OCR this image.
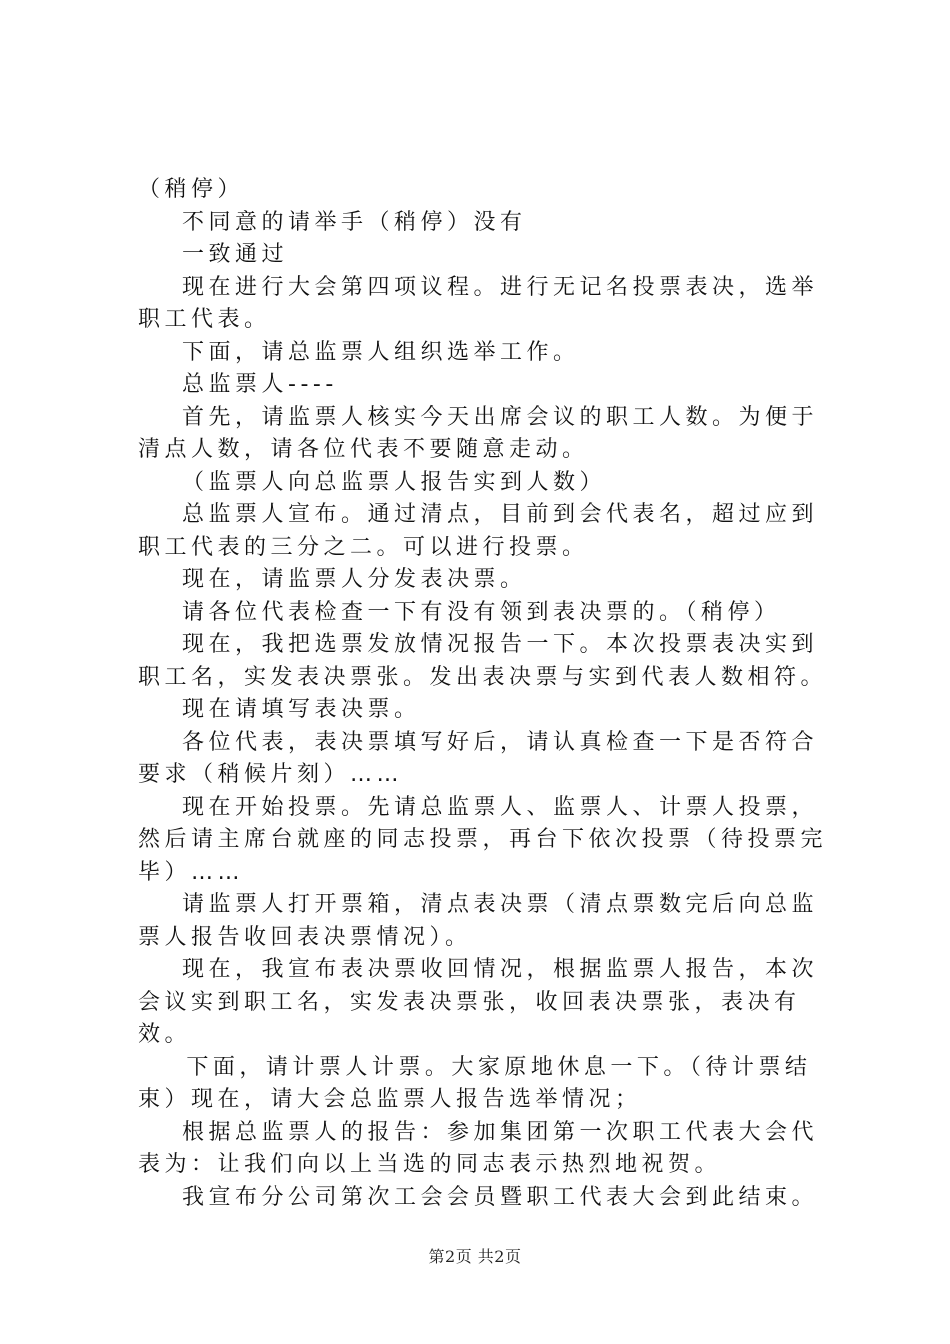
（稍停）

不同意的请举手（稍停）没有

一致通过

现在进行大会第四项议程。进行无记名投票表决，选举职工代表。

下面，请总监票人组织选举工作。

总监票人----

首先，请监票人核实今天出席会议的职工人数。为便于清点人数，请各位代表不要随意走动。

（监票人向总监票人报告实到人数）

总监票人宣布。通过清点，目前到会代表名，超过应到职工代表的三分之二。可以进行投票。

现在，请监票人分发表决票。

请各位代表检查一下有没有领到表决票的。（稍停）

现在，我把选票发放情况报告一下。本次投票表决实到职工名，实发表决票张。发出表决票与实到代表人数相符。

现在请填写表决票。

各位代表，表决票填写好后，请认真检查一下是否符合要求（稍候片刻）……

现在开始投票。先请总监票人、监票人、计票人投票，然后请主席台就座的同志投票，再台下依次投票（待投票完毕）……

请监票人打开票箱，清点表决票（清点票数完后向总监票人报告收回表决票情况）。

现在，我宣布表决票收回情况，根据监票人报告，本次会议实到职工名，实发表决票张，收回表决票张，表决有效。

下面，请计票人计票。大家原地休息一下。（待计票结束）现在，请大会总监票人报告选举情况；

根据总监票人的报告：参加集团第一次职工代表大会代表为：让我们向以上当选的同志表示热烈地祝贺。

我宣布分公司第次工会会员暨职工代表大会到此结束。

第2页 共2页
